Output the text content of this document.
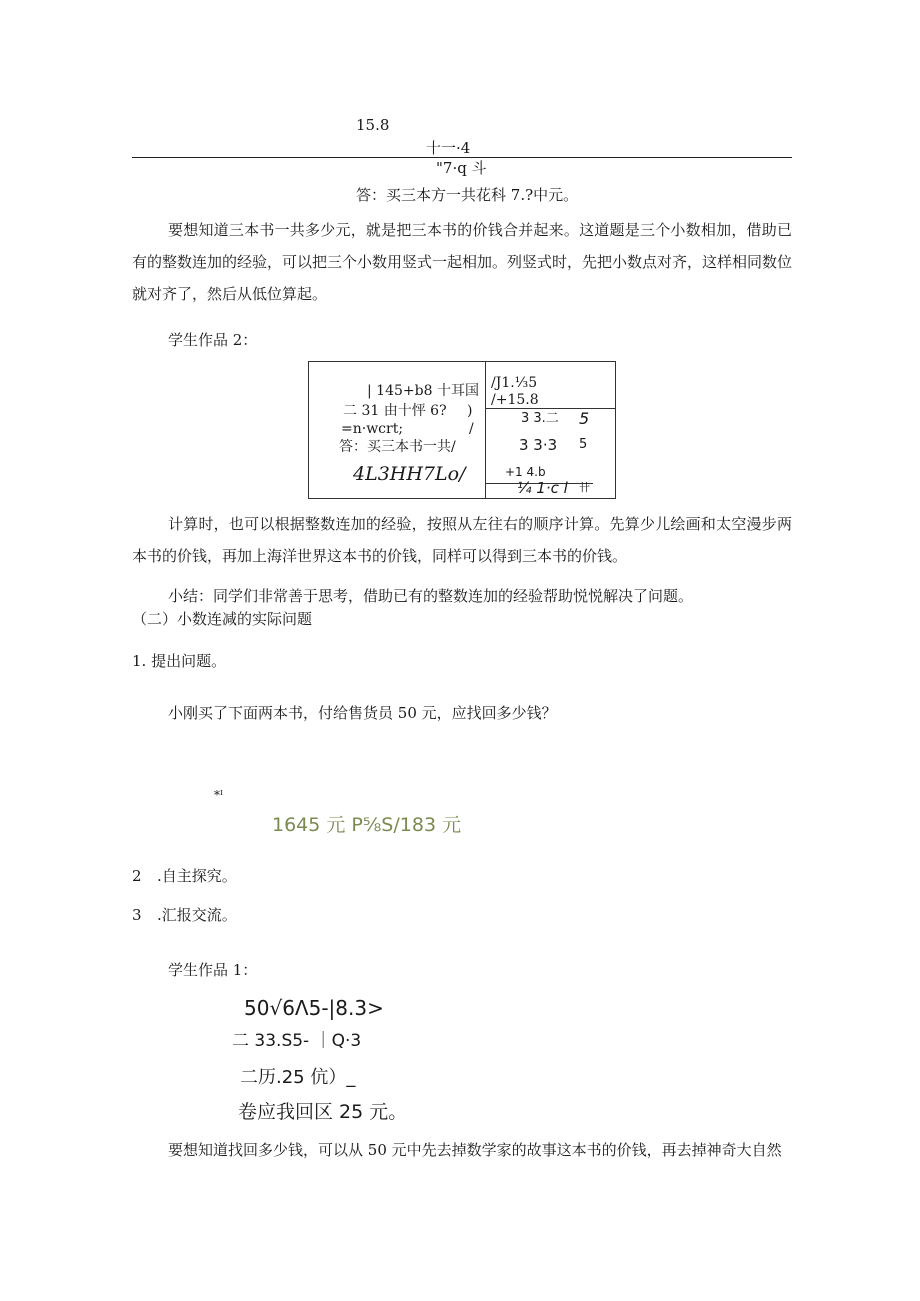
15.8
十一·4
"7·q 斗
答：买三本方一共花科 7.?中元。
要想知道三本书一共多少元，就是把三本书的价钱合并起来。这道题是三个小数相加，借助已有的整数连加的经验，可以把三个小数用竖式一起相加。列竖式时，先把小数点对齐，这样相同数位就对齐了，然后从低位算起。
学生作品 2：
| 145+b8 十耳国
二 31 由十怦 6? )
=n·wcrt;	/
答：买三本书一共/
4L3HH7Lo/
/J1.⅓5
/+15.8
3 3.二 5
3 3·3 5
+1 4.b
¼ 1·c l 卄
计算时，也可以根据整数连加的经验，按照从左往右的顺序计算。先算少儿绘画和太空漫步两本书的价钱，再加上海洋世界这本书的价钱，同样可以得到三本书的价钱。
小结：同学们非常善于思考，借助已有的整数连加的经验帮助悦悦解决了问题。
（二）小数连减的实际问题
1. 提出问题。
小刚买了下面两本书，付给售货员 50 元，应找回多少钱？
*ᴵ
1645 元 P⅝S/183 元
2 .自主探究。
3 .汇报交流。
学生作品 1：
50√6Λ5-|8.3>
二 33.S5- ｜Q·3
二历.25 伉）_
卷应我回区 25 元。
要想知道找回多少钱，可以从 50 元中先去掉数学家的故事这本书的价钱，再去掉神奇大自然
